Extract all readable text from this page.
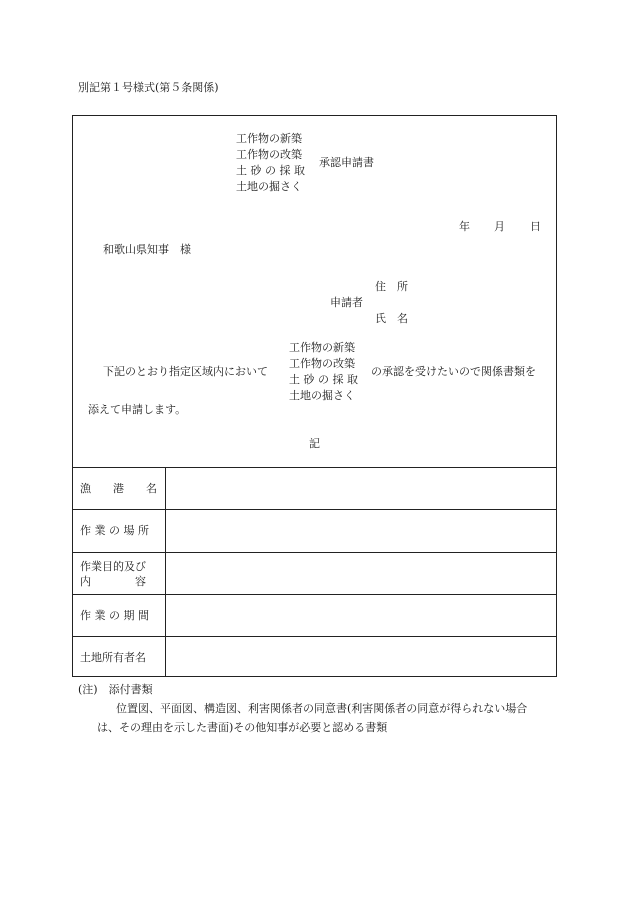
別記第１号様式(第５条関係)
工作物の新築
工作物の改築
土 砂 の 採 取
土地の掘さく
承認申請書
年 月 日
和歌山県知事　様
住　所
申請者
氏　名
下記のとおり指定区域内において
工作物の新築
工作物の改築
土 砂 の 採 取
土地の掘さく
の承認を受けたいので関係書類を
添えて申請します。
記
漁　　港　　名
作 業 の 場 所
作業目的及び
内　　　　容
作 業 の 期 間
土地所有者名
(注)　添付書類
位置図、平面図、構造図、利害関係者の同意書(利害関係者の同意が得られない場合
は、その理由を示した書面)その他知事が必要と認める書類
